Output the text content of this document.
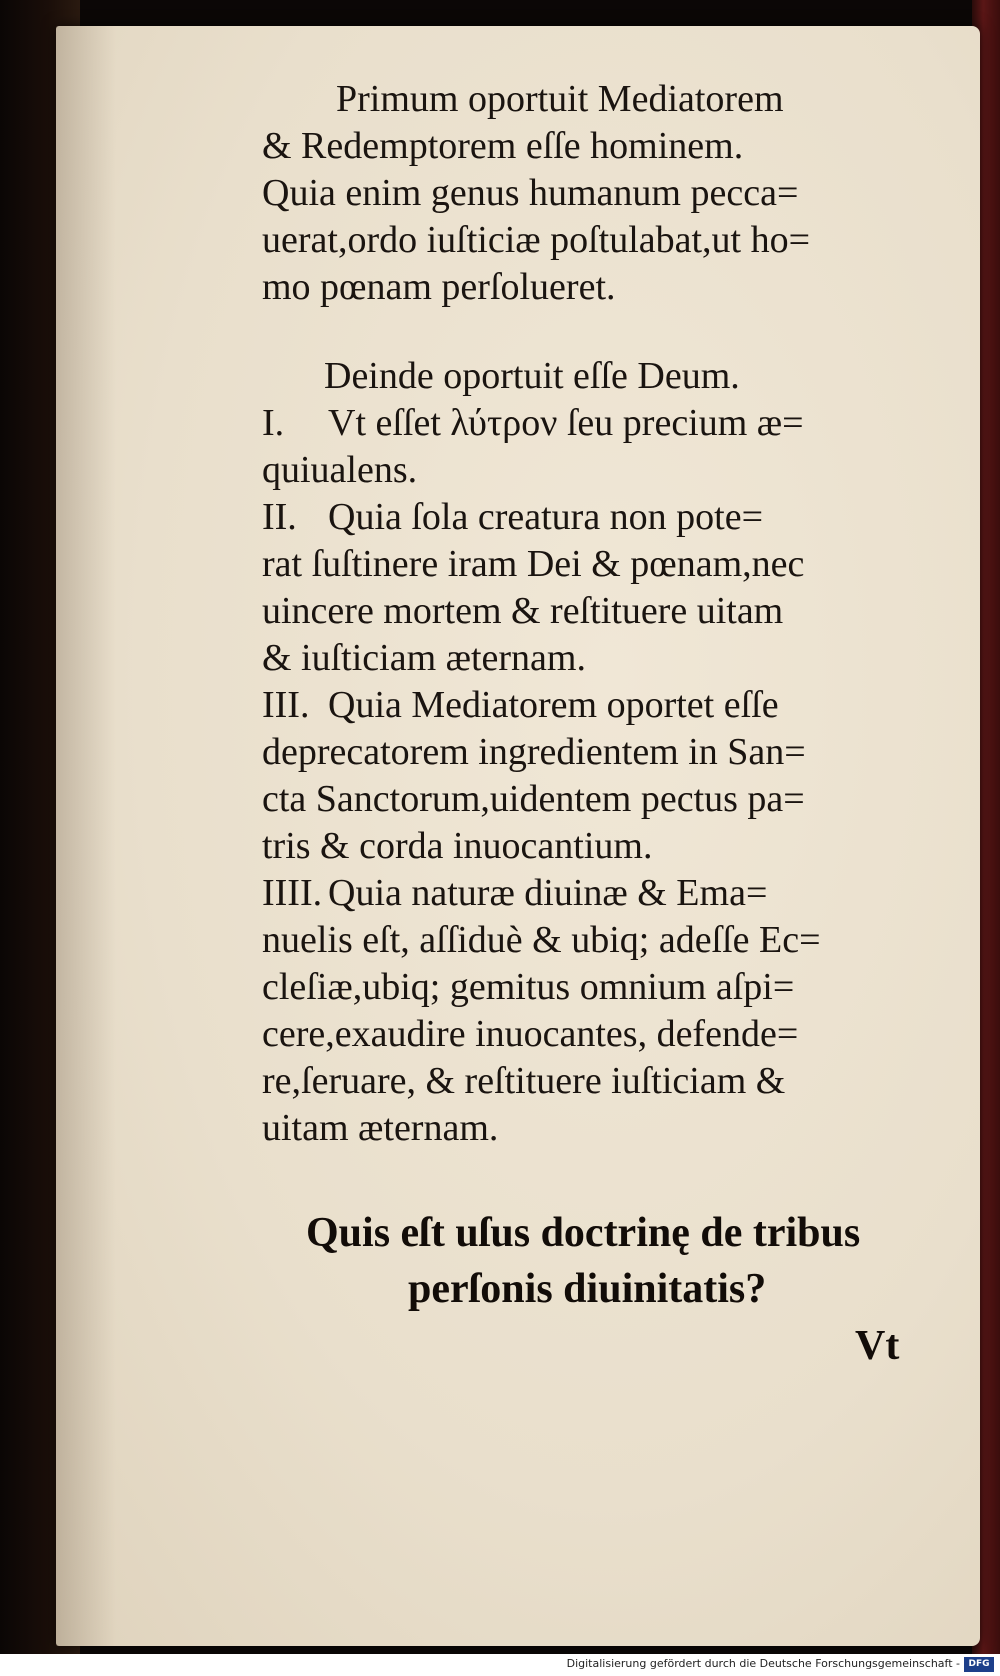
Primum oportuit Mediatorem
& Redemptorem eſſe hominem.
Quia enim genus humanum pecca=
uerat,ordo iuſticiæ poſtulabat,ut ho=
mo pœnam perſolueret.
Deinde oportuit eſſe Deum.
I. Vt eſſet λύτρον ſeu precium æ=
quiualens.
II. Quia ſola creatura non pote=
rat ſuſtinere iram Dei & pœnam,nec
uincere mortem & reſtituere uitam
& iuſticiam æternam.
III. Quia Mediatorem oportet eſſe
deprecatorem ingredientem in San=
cta Sanctorum,uidentem pectus pa=
tris & corda inuocantium.
IIII. Quia naturæ diuinæ & Ema=
nuelis eſt, aſſiduè & ubiq; adeſſe Ec=
cleſiæ,ubiq; gemitus omnium aſpi=
cere,exaudire inuocantes, defende=
re,ſeruare, & reſtituere iuſticiam &
uitam æternam.
Quis eſt uſus doctrinę de tribus
perſonis diuinitatis?
Vt
Digitalisierung gefördert durch die Deutsche Forschungsgemeinschaft - DFG
